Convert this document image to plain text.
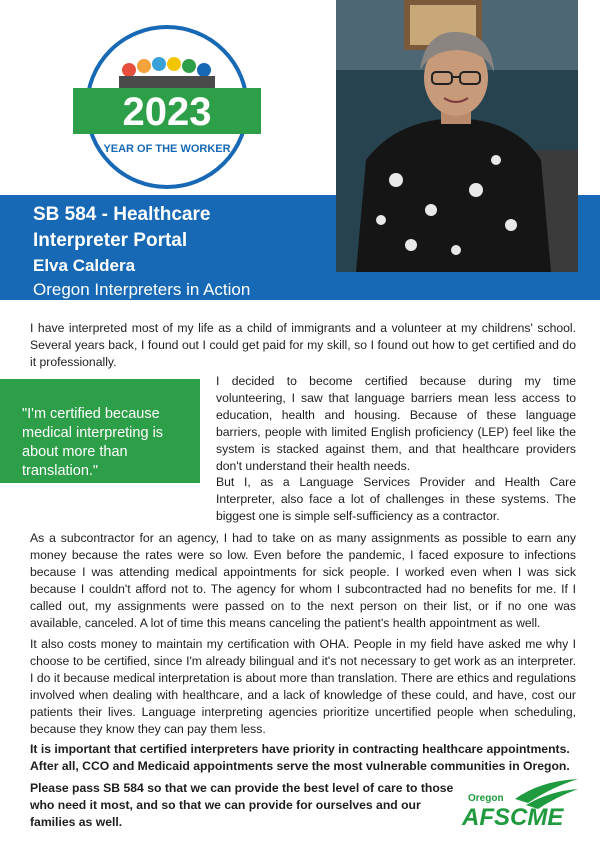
2023
YEAR OF THE WORKER
SB 584 - Healthcare
Interpreter Portal
Elva Caldera
Oregon Interpreters in Action
I have interpreted most of my life as a child of immigrants and a volunteer at my childrens' school. Several years back, I found out I could get paid for my skill, so I found out how to get certified and do it professionally.
"I'm certified because medical interpreting is about more than translation."
I decided to become certified because during my time volunteering, I saw that language barriers mean less access to education, health and housing. Because of these language barriers, people with limited English proficiency (LEP) feel like the system is stacked against them, and that healthcare providers don't understand their health needs.
But I, as a Language Services Provider and Health Care Interpreter, also face a lot of challenges in these systems. The biggest one is simple self-sufficiency as a contractor.
As a subcontractor for an agency, I had to take on as many assignments as possible to earn any money because the rates were so low. Even before the pandemic, I faced exposure to infections because I was attending medical appointments for sick people. I worked even when I was sick because I couldn't afford not to. The agency for whom I subcontracted had no benefits for me. If I called out, my assignments were passed on to the next person on their list, or if no one was available, canceled. A lot of time this means canceling the patient's health appointment as well.
It also costs money to maintain my certification with OHA. People in my field have asked me why I choose to be certified, since I'm already bilingual and it's not necessary to get work as an interpreter. I do it because medical interpretation is about more than translation. There are ethics and regulations involved when dealing with healthcare, and a lack of knowledge of these could, and have, cost our patients their lives. Language interpreting agencies prioritize uncertified people when scheduling, because they know they can pay them less.
It is important that certified interpreters have priority in contracting healthcare appointments. After all, CCO and Medicaid appointments serve the most vulnerable communities in Oregon.
Please pass SB 584 so that we can provide the best level of care to those who need it most, and so that we can provide for ourselves and our families as well.
Oregon
AFSCME
